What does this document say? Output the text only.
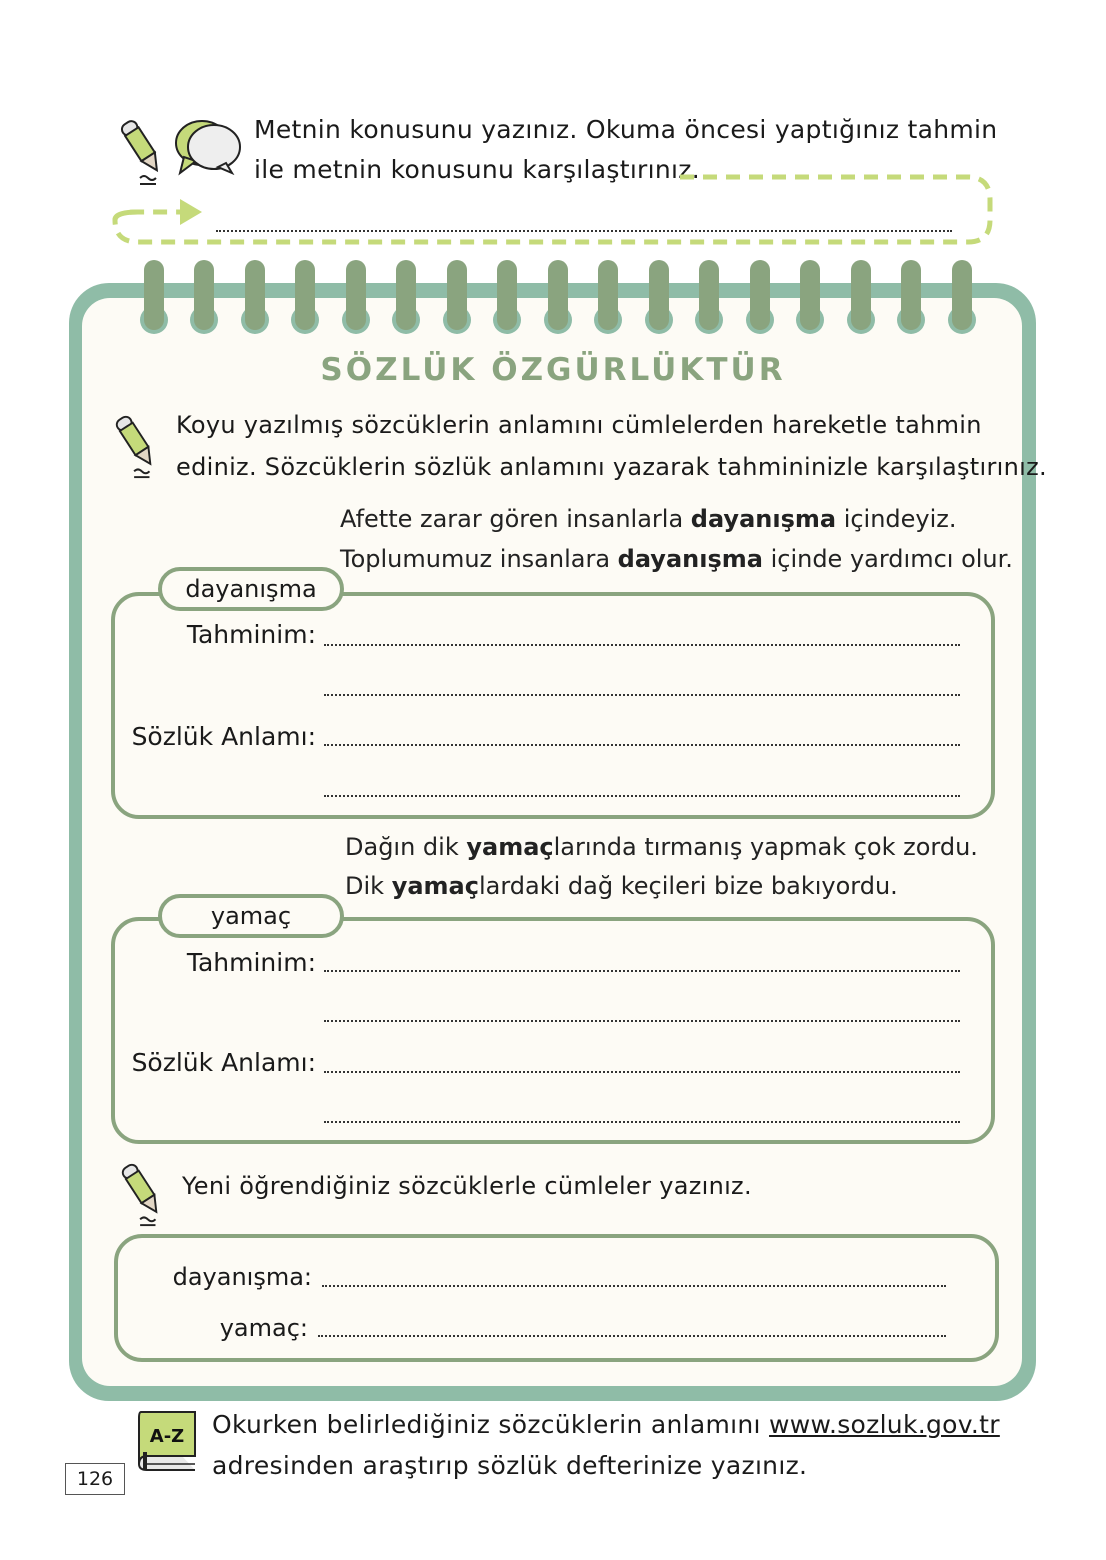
Metnin konusunu yazınız. Okuma öncesi yaptığınız tahmin
ile metnin konusunu karşılaştırınız.
SÖZLÜK ÖZGÜRLÜKTÜR
Koyu yazılmış sözcüklerin anlamını cümlelerden hareketle tahmin
ediniz. Sözcüklerin sözlük anlamını yazarak tahmininizle karşılaştırınız.
Afette zarar gören insanlarla dayanışma içindeyiz.
Toplumumuz insanlara dayanışma içinde yardımcı olur.
dayanışma
Tahminim:
Sözlük Anlamı:
Dağın dik yamaçlarında tırmanış yapmak çok zordu.
Dik yamaçlardaki dağ keçileri bize bakıyordu.
yamaç
Tahminim:
Sözlük Anlamı:
Yeni öğrendiğiniz sözcüklerle cümleler yazınız.
dayanışma:
yamaç:
A-Z Okurken belirlediğiniz sözcüklerin anlamını www.sozluk.gov.tr
adresinden araştırıp sözlük defterinize yazınız.
126
